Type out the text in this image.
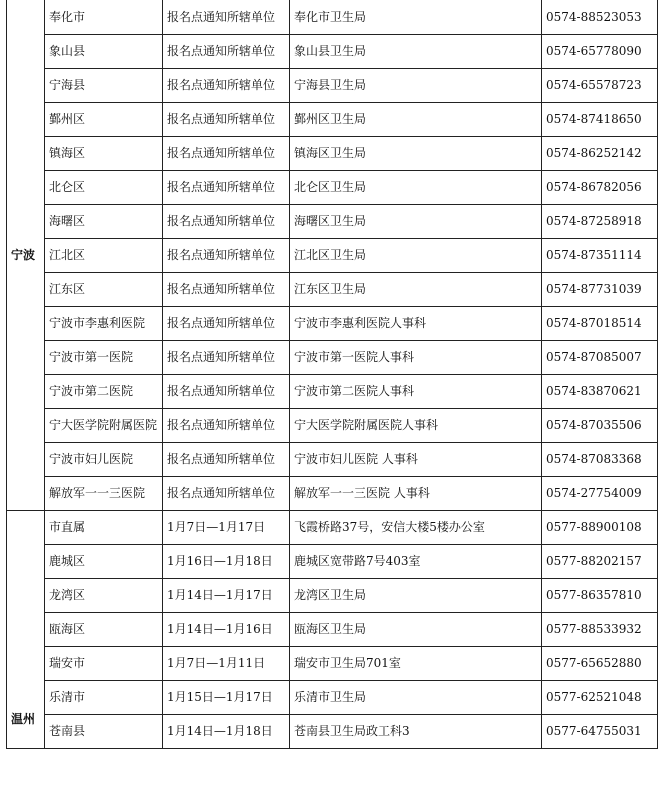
宁波	奉化市	报名点通知所辖单位	奉化市卫生局	0574-88523053
	象山县	报名点通知所辖单位	象山县卫生局	0574-65778090
	宁海县	报名点通知所辖单位	宁海县卫生局	0574-65578723
	鄞州区	报名点通知所辖单位	鄞州区卫生局	0574-87418650
	镇海区	报名点通知所辖单位	镇海区卫生局	0574-86252142
	北仑区	报名点通知所辖单位	北仑区卫生局	0574-86782056
	海曙区	报名点通知所辖单位	海曙区卫生局	0574-87258918
	江北区	报名点通知所辖单位	江北区卫生局	0574-87351114
	江东区	报名点通知所辖单位	江东区卫生局	0574-87731039
	宁波市李惠利医院	报名点通知所辖单位	宁波市李惠利医院人事科	0574-87018514
	宁波市第一医院	报名点通知所辖单位	宁波市第一医院人事科	0574-87085007
	宁波市第二医院	报名点通知所辖单位	宁波市第二医院人事科	0574-83870621
	宁大医学院附属医院	报名点通知所辖单位	宁大医学院附属医院人事科	0574-87035506
	宁波市妇儿医院	报名点通知所辖单位	宁波市妇儿医院 人事科	0574-87083368
	解放军一一三医院	报名点通知所辖单位	解放军一一三医院 人事科	0574-27754009
温州	市直属	1月7日—1月17日	飞霞桥路37号，安信大楼5楼办公室	0577-88900108
	鹿城区	1月16日—1月18日	鹿城区宽带路7号403室	0577-88202157
	龙湾区	1月14日—1月17日	龙湾区卫生局	0577-86357810
	瓯海区	1月14日—1月16日	瓯海区卫生局	0577-88533932
	瑞安市	1月7日—1月11日	瑞安市卫生局701室	0577-65652880
	乐清市	1月15日—1月17日	乐清市卫生局	0577-62521048
	苍南县	1月14日—1月18日	苍南县卫生局政工科3	0577-64755031
